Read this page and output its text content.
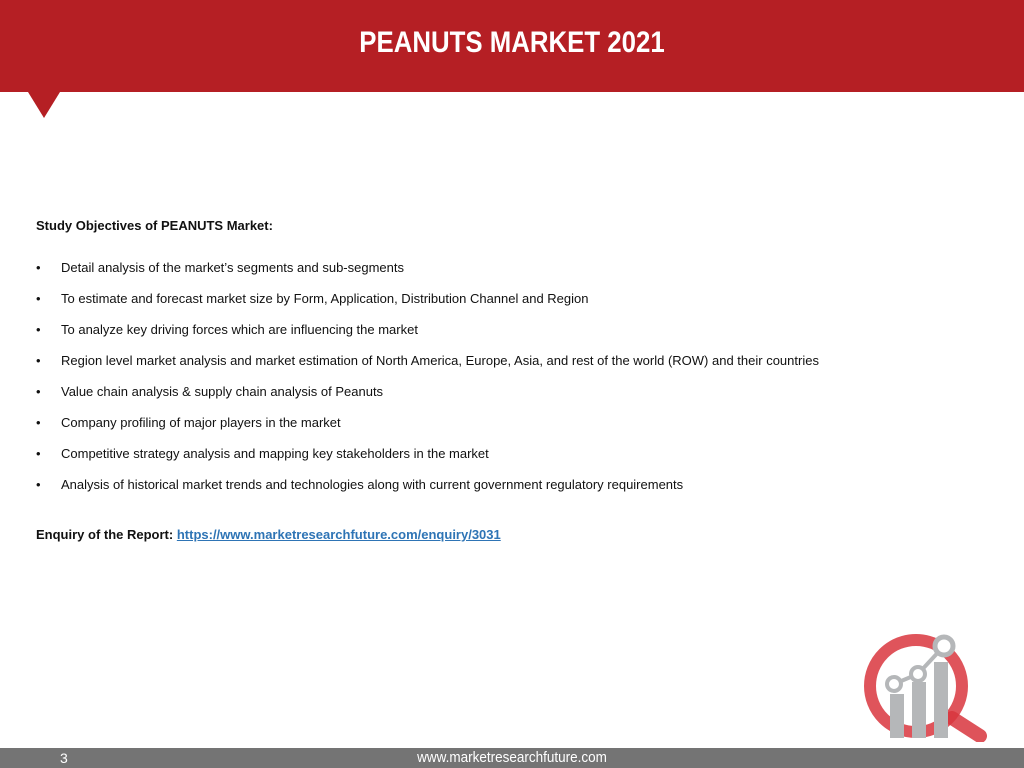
PEANUTS MARKET 2021
Study Objectives of PEANUTS Market:
• Detail analysis of the market’s segments and sub-segments
• To estimate and forecast market size by Form, Application, Distribution Channel and Region
• To analyze key driving forces which are influencing the market
• Region level market analysis and market estimation of North America, Europe, Asia, and rest of the world (ROW) and their countries
• Value chain analysis & supply chain analysis of Peanuts
• Company profiling of major players in the market
• Competitive strategy analysis and mapping key stakeholders in the market
• Analysis of historical market trends and technologies along with current government regulatory requirements
Enquiry of the Report: https://www.marketresearchfuture.com/enquiry/3031
3	www.marketresearchfuture.com
